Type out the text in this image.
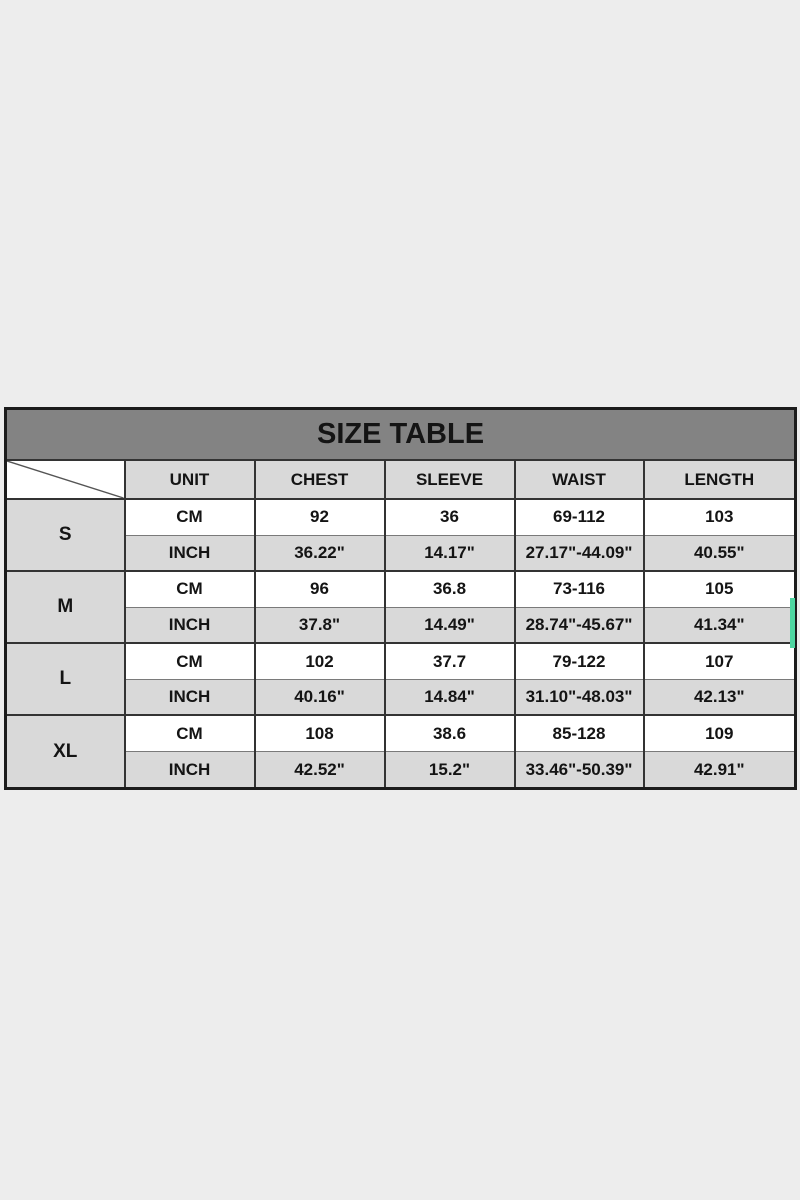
SIZE TABLE					

	UNIT	CHEST	SLEEVE	WAIST	LENGTH
S	CM	92	36	69-112	103
	INCH	36.22"	14.17"	27.17"-44.09"	40.55"
M	CM	96	36.8	73-116	105
	INCH	37.8"	14.49"	28.74"-45.67"	41.34"
L	CM	102	37.7	79-122	107
	INCH	40.16"	14.84"	31.10"-48.03"	42.13"
XL	CM	108	38.6	85-128	109
	INCH	42.52"	15.2"	33.46"-50.39"	42.91"
